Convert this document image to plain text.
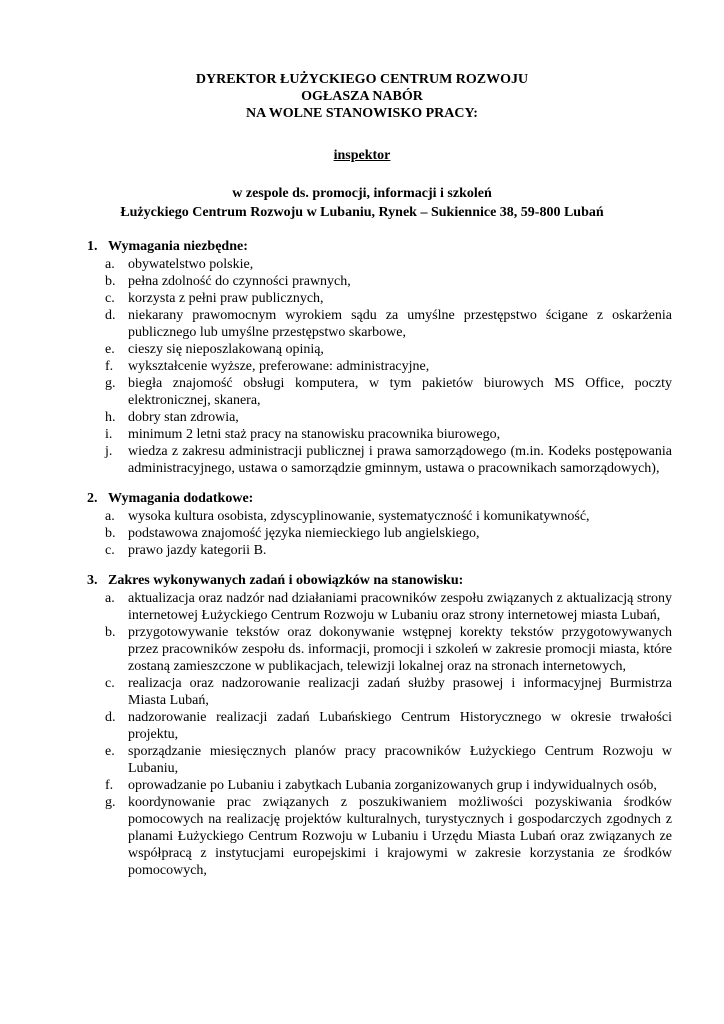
DYREKTOR ŁUŻYCKIEGO CENTRUM ROZWOJU
OGŁASZA NABÓR
NA WOLNE STANOWISKO PRACY:
inspektor
w zespole ds. promocji, informacji i szkoleń
Łużyckiego Centrum Rozwoju w Lubaniu, Rynek – Sukiennice 38, 59-800 Lubań
1. Wymagania niezbędne:
a. obywatelstwo polskie,
b. pełna zdolność do czynności prawnych,
c. korzysta z pełni praw publicznych,
d. niekarany prawomocnym wyrokiem sądu za umyślne przestępstwo ścigane z oskarżenia publicznego lub umyślne przestępstwo skarbowe,
e. cieszy się nieposzlakowaną opinią,
f.	wykształcenie wyższe, preferowane: administracyjne,
g. biegła znajomość obsługi komputera, w tym pakietów biurowych MS Office, poczty elektronicznej, skanera,
h. dobry stan zdrowia,
i.	minimum 2 letni staż pracy na stanowisku pracownika biurowego,
j.	wiedza z zakresu administracji publicznej i prawa samorządowego (m.in. Kodeks postępowania administracyjnego, ustawa o samorządzie gminnym, ustawa o pracownikach samorządowych),
2. Wymagania dodatkowe:
a. wysoka kultura osobista, zdyscyplinowanie, systematyczność i komunikatywność,
b. podstawowa znajomość języka niemieckiego lub angielskiego,
c. prawo jazdy kategorii B.
3. Zakres wykonywanych zadań i obowiązków na stanowisku:
a. aktualizacja oraz nadzór nad działaniami pracowników zespołu związanych z aktualizacją strony internetowej Łużyckiego Centrum Rozwoju w Lubaniu oraz strony internetowej miasta Lubań,
b. przygotowywanie tekstów oraz dokonywanie wstępnej korekty tekstów przygotowywanych przez pracowników zespołu ds. informacji, promocji i szkoleń w zakresie promocji miasta, które zostaną zamieszczone w publikacjach, telewizji lokalnej oraz na stronach internetowych,
c. realizacja oraz nadzorowanie realizacji zadań służby prasowej i informacyjnej Burmistrza Miasta Lubań,
d. nadzorowanie realizacji zadań Lubańskiego Centrum Historycznego w okresie trwałości projektu,
e. sporządzanie miesięcznych planów pracy pracowników Łużyckiego Centrum Rozwoju w Lubaniu,
f.	oprowadzanie po Lubaniu i zabytkach Lubania zorganizowanych grup i indywidualnych osób,
g. koordynowanie prac związanych z poszukiwaniem możliwości pozyskiwania środków pomocowych na realizację projektów kulturalnych, turystycznych i gospodarczych zgodnych z planami Łużyckiego Centrum Rozwoju w Lubaniu i Urzędu Miasta Lubań oraz związanych ze współpracą z instytucjami europejskimi i krajowymi w zakresie korzystania ze środków pomocowych,
